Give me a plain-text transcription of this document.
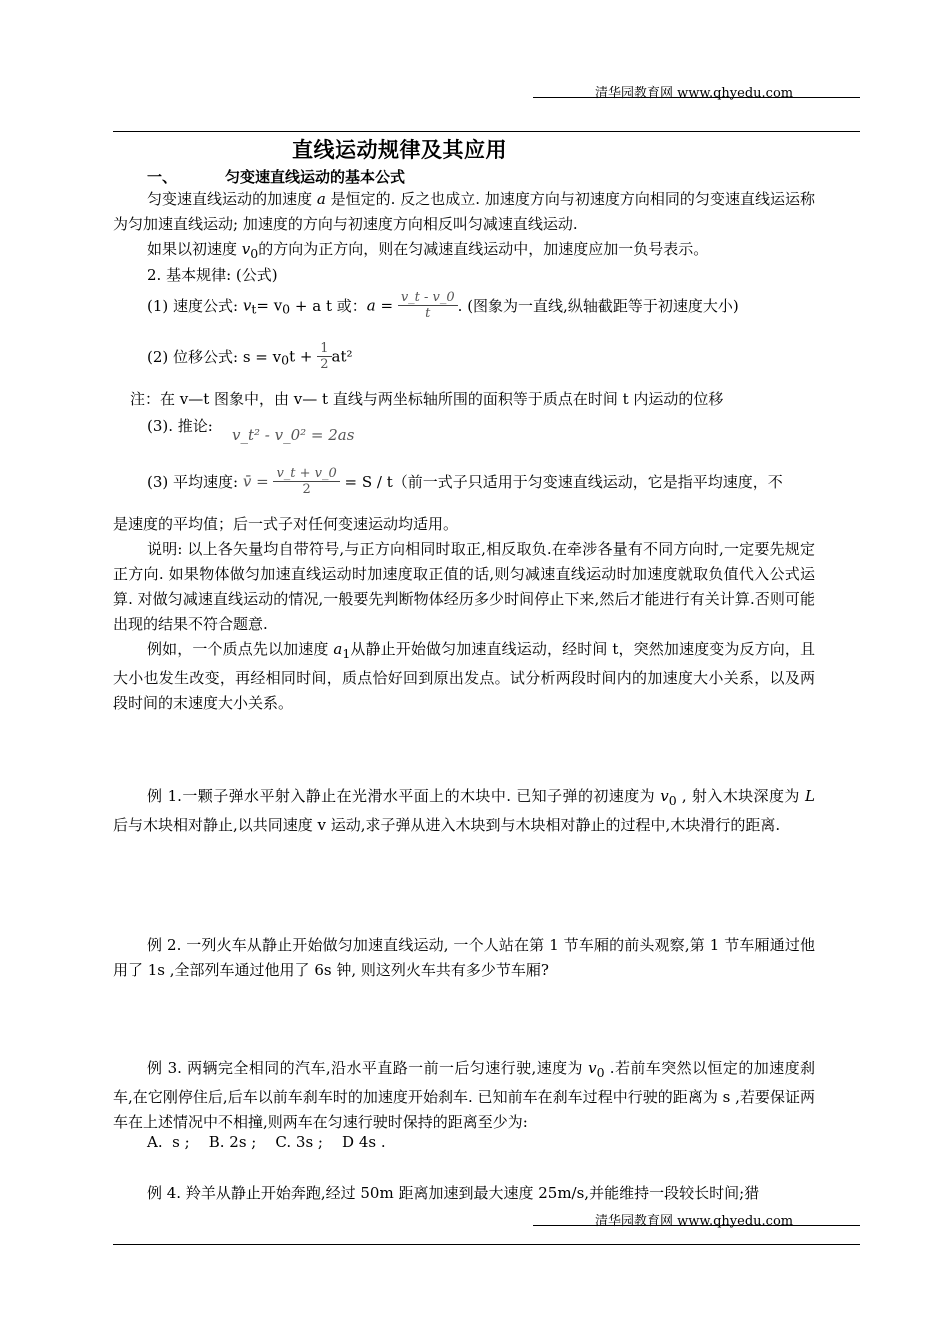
清华园教育网 www.qhyedu.com
直线运动规律及其应用
一、	匀变速直线运动的基本公式
匀变速直线运动的加速度 a 是恒定的. 反之也成立. 加速度方向与初速度方向相同的匀变速直线运运称为匀加速直线运动; 加速度的方向与初速度方向相反叫匀减速直线运动.
如果以初速度 $v_0$的方向为正方向，则在匀减速直线运动中，加速度应加一负号表示。
2. 基本规律: (公式)
(1) 速度公式: $v_t= v_0 + a$ t 或：$a = \frac{v\_t - v\_0}{t}$ . (图象为一直线,纵轴截距等于初速度大小)
(2) 位移公式: $s = v_0t + \frac{1}{2} at^2$
注：在 v—t 图象中，由 v— t 直线与两坐标轴所围的面积等于质点在时间 t 内运动的位移
(3). 推论: v_t² - v_0² = 2as
(3) 平均速度: v̄ = $\frac{v\_t + v\_0}{2} = S / t$（前一式子只适用于匀变速直线运动，它是指平均速度，不
是速度的平均值；后一式子对任何变速运动均适用。
说明: 以上各矢量均自带符号,与正方向相同时取正,相反取负.在牵涉各量有不同方向时,一定要先规定正方向. 如果物体做匀加速直线运动时加速度取正值的话,则匀减速直线运动时加速度就取负值代入公式运算. 对做匀减速直线运动的情况,一般要先判断物体经历多少时间停止下来,然后才能进行有关计算.否则可能出现的结果不符合题意.
例如，一个质点先以加速度 $a_1$从静止开始做匀加速直线运动，经时间 t，突然加速度变为反方向，且大小也发生改变，再经相同时间，质点恰好回到原出发点。试分析两段时间内的加速度大小关系，以及两段时间的末速度大小关系。
例 1.一颗子弹水平射入静止在光滑水平面上的木块中. 已知子弹的初速度为 $v_0$ , 射入木块深度为 L 后与木块相对静止,以共同速度 v 运动,求子弹从进入木块到与木块相对静止的过程中,木块滑行的距离.
例 2. 一列火车从静止开始做匀加速直线运动, 一个人站在第 1 节车厢的前头观察,第 1 节车厢通过他用了 1s ,全部列车通过他用了 6s 钟, 则这列火车共有多少节车厢?
例 3. 两辆完全相同的汽车,沿水平直路一前一后匀速行驶,速度为 $v_0$ .若前车突然以恒定的加速度刹车,在它刚停住后,后车以前车刹车时的加速度开始刹车. 已知前车在刹车过程中行驶的距离为 s ,若要保证两车在上述情况中不相撞,则两车在匀速行驶时保持的距离至少为:
A.  s ;    B. 2s ;    C. 3s ;    D 4s .
例 4. 羚羊从静止开始奔跑,经过 50m 距离加速到最大速度 25m/s,并能维持一段较长时间;猎
清华园教育网 www.qhyedu.com
